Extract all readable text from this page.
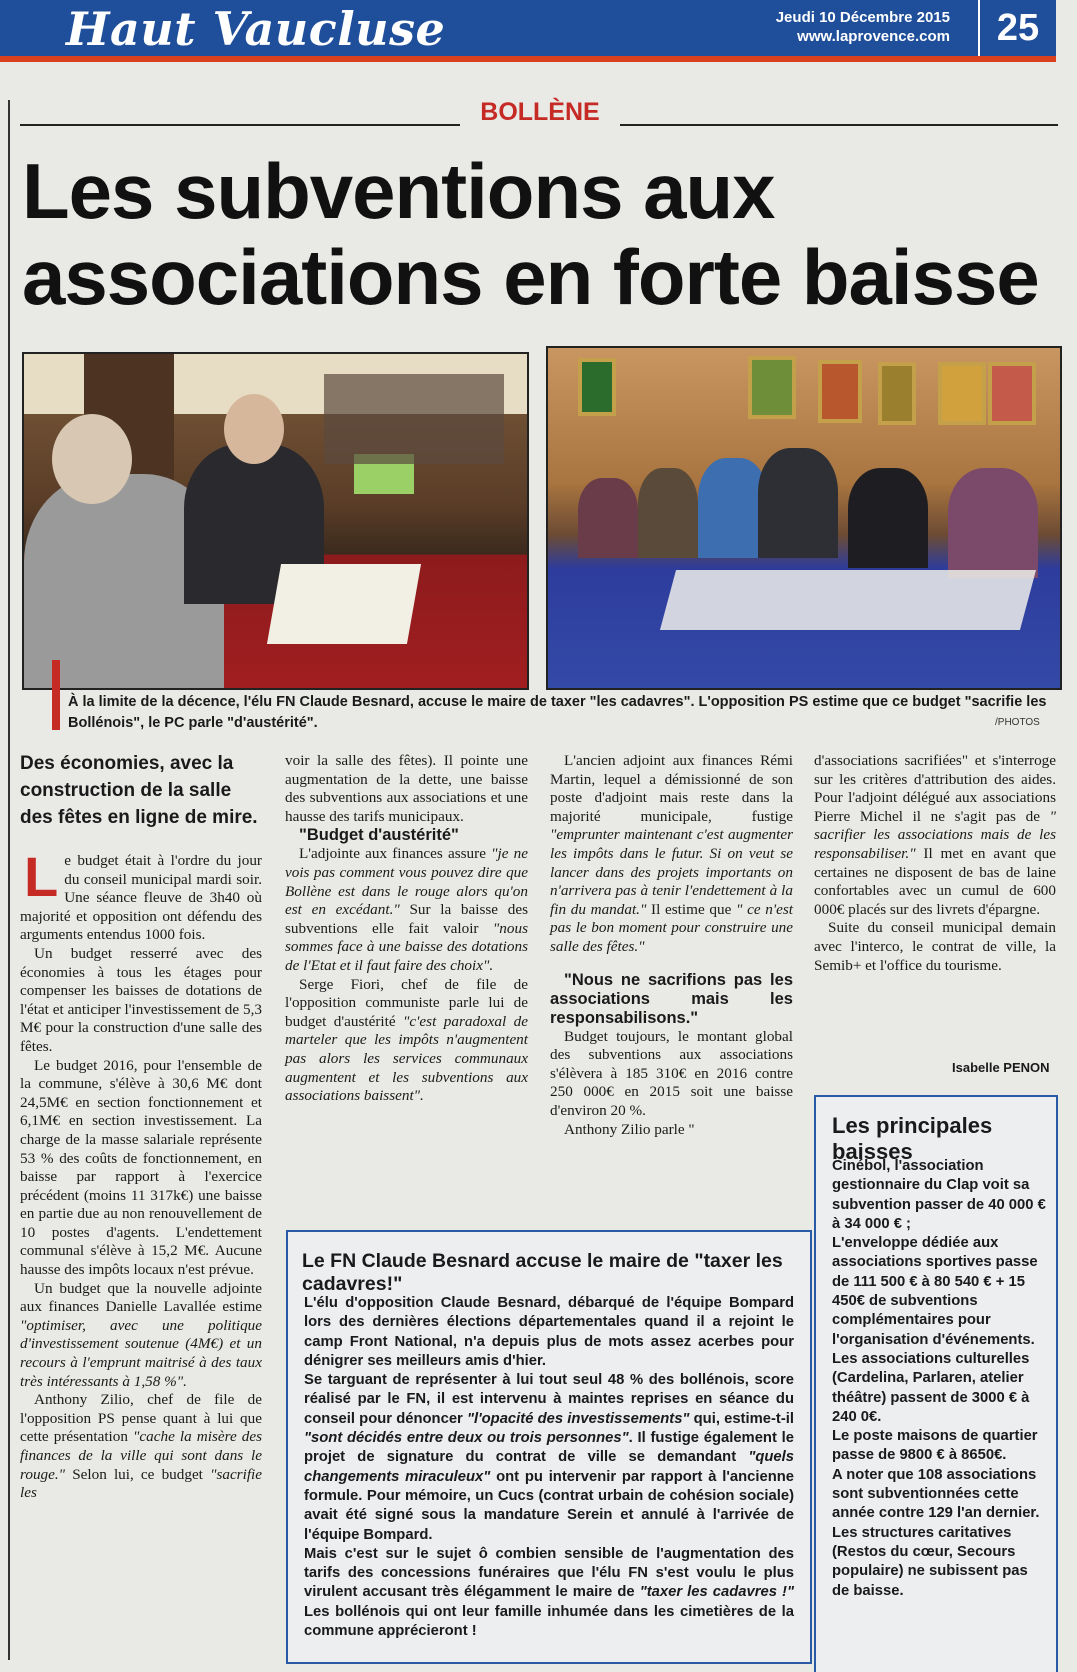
Haut Vaucluse	Jeudi 10 Décembre 2015
www.laprovence.com	25
BOLLÈNE
Les subventions aux associations en forte baisse
À la limite de la décence, l'élu FN Claude Besnard, accuse le maire de taxer "les cadavres". L'opposition PS estime que ce budget "sacrifie les Bollénois", le PC parle "d'austérité".	/PHOTOS
Des économies, avec la construction de la salle des fêtes en ligne de mire.

Le budget était à l'ordre du jour du conseil municipal mardi soir. Une séance fleuve de 3h40 où majorité et opposition ont défendu des arguments entendus 1000 fois.

Un budget resserré avec des économies à tous les étages pour compenser les baisses de dotations de l'état et anticiper l'investissement de 5,3 M€ pour la construction d'une salle des fêtes.

Le budget 2016, pour l'ensemble de la commune, s'élève à 30,6 M€ dont 24,5M€ en section fonctionnement et 6,1M€ en section investissement. La charge de la masse salariale représente 53 % des coûts de fonctionnement, en baisse par rapport à l'exercice précédent (moins 11 317k€) une baisse en partie due au non renouvellement de 10 postes d'agents. L'endettement communal s'élève à 15,2 M€. Aucune hausse des impôts locaux n'est prévue.

Un budget que la nouvelle adjointe aux finances Danielle Lavallée estime "optimiser, avec une politique d'investissement soutenue (4M€) et un recours à l'emprunt maitrisé à des taux très intéressants à 1,58 %".

Anthony Zilio, chef de file de l'opposition PS pense quant à lui que cette présentation "cache la misère des finances de la ville qui sont dans le rouge." Selon lui, ce budget "sacrifie les

voir la salle des fêtes). Il pointe une augmentation de la dette, une baisse des subventions aux associations et une hausse des tarifs municipaux.

"Budget d'austérité"

L'adjointe aux finances assure "je ne vois pas comment vous pouvez dire que Bollène est dans le rouge alors qu'on est en excédant." Sur la baisse des subventions elle fait valoir "nous sommes face à une baisse des dotations de l'Etat et il faut faire des choix".

Serge Fiori, chef de file de l'opposition communiste parle lui de budget d'austérité "c'est paradoxal de marteler que les impôts n'augmentent pas alors les services communaux augmentent et les subventions aux associations baissent".

L'ancien adjoint aux finances Rémi Martin, lequel a démissionné de son poste d'adjoint mais reste dans la majorité municipale, fustige "emprunter maintenant c'est augmenter les impôts dans le futur. Si on veut se lancer dans des projets importants on n'arrivera pas à tenir l'endettement à la fin du mandat." Il estime que " ce n'est pas le bon moment pour construire une salle des fêtes."

"Nous ne sacrifions pas les associations mais les responsabilisons."

Budget toujours, le montant global des subventions aux associations s'élèvera à 185 310€ en 2016 contre 250 000€ en 2015 soit une baisse d'environ 20 %.

Anthony Zilio parle "

d'associations sacrifiées" et s'interroge sur les critères d'attribution des aides. Pour l'adjoint délégué aux associations Pierre Michel il ne s'agit pas de " sacrifier les associations mais de les responsabiliser." Il met en avant que certaines ne disposent de bas de laine confortables avec un cumul de 600 000€ placés sur des livrets d'épargne.

Suite du conseil municipal demain avec l'interco, le contrat de ville, la Semib+ et l'office du tourisme.

Isabelle PENON
Le FN Claude Besnard accuse le maire de "taxer les cadavres!"
L'élu d'opposition Claude Besnard, débarqué de l'équipe Bompard lors des dernières élections départementales quand il a rejoint le camp Front National, n'a depuis plus de mots assez acerbes pour dénigrer ses meilleurs amis d'hier.
Se targuant de représenter à lui tout seul 48 % des bollénois, score réalisé par le FN, il est intervenu à maintes reprises en séance du conseil pour dénoncer "l'opacité des investissements" qui, estime-t-il "sont décidés entre deux ou trois personnes". Il fustige également le projet de signature du contrat de ville se demandant "quels changements miraculeux" ont pu intervenir par rapport à l'ancienne formule. Pour mémoire, un Cucs (contrat urbain de cohésion sociale) avait été signé sous la mandature Serein et annulé à l'arrivée de l'équipe Bompard.
Mais c'est sur le sujet ô combien sensible de l'augmentation des tarifs des concessions funéraires que l'élu FN s'est voulu le plus virulent accusant très élégamment le maire de "taxer les cadavres !" Les bollénois qui ont leur famille inhumée dans les cimetières de la commune apprécieront !
Les principales baisses

Cinébol, l'association gestionnaire du Clap voit sa subvention passer de 40 000 € à 34 000 € ;

L'enveloppe dédiée aux associations sportives passe de 111 500 € à 80 540 € + 15 450€ de subventions complémentaires pour l'organisation d'événements.

Les associations culturelles (Cardelina, Parlaren, atelier théâtre) passent de 3000 € à 240 0€.

Le poste maisons de quartier passe de 9800 € à 8650€.

A noter que 108 associations sont subventionnées cette année contre 129 l'an dernier. Les structures caritatives (Restos du cœur, Secours populaire) ne subissent pas de baisse.
